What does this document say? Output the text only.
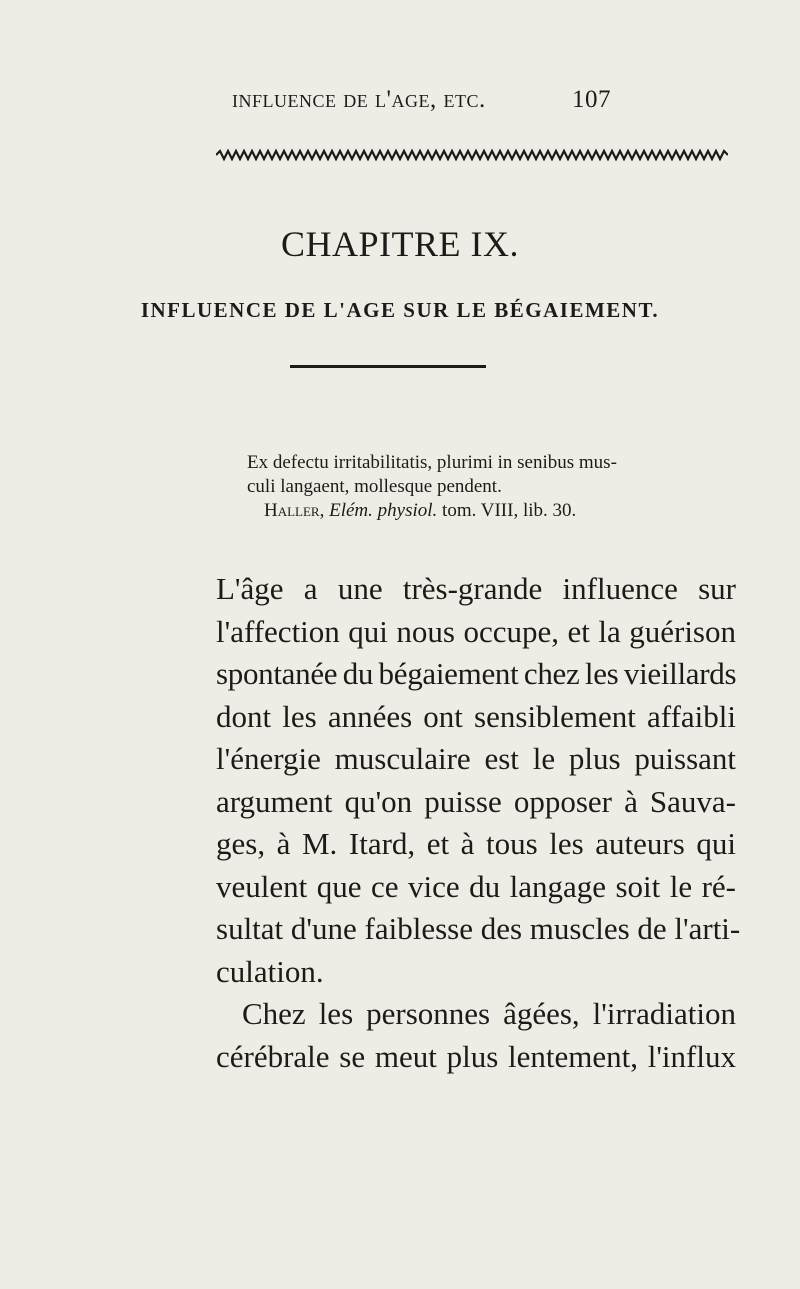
influence de l'age, etc.	107
CHAPITRE IX.
INFLUENCE DE L'AGE SUR LE BÉGAIEMENT.
Ex defectu irritabilitatis, plurimi in senibus mus-
culi langaent, mollesque pendent.
Haller, Elém. physiol. tom. VIII, lib. 30.
L'âge a une très-grande influence sur
l'affection qui nous occupe, et la guérison
spontanée du bégaiement chez les vieillards
dont les années ont sensiblement affaibli
l'énergie musculaire est le plus puissant
argument qu'on puisse opposer à Sauva-
ges, à M. Itard, et à tous les auteurs qui
veulent que ce vice du langage soit le ré-
sultat d'une faiblesse des muscles de l'arti-
culation.
Chez les personnes âgées, l'irradiation
cérébrale se meut plus lentement, l'influx
